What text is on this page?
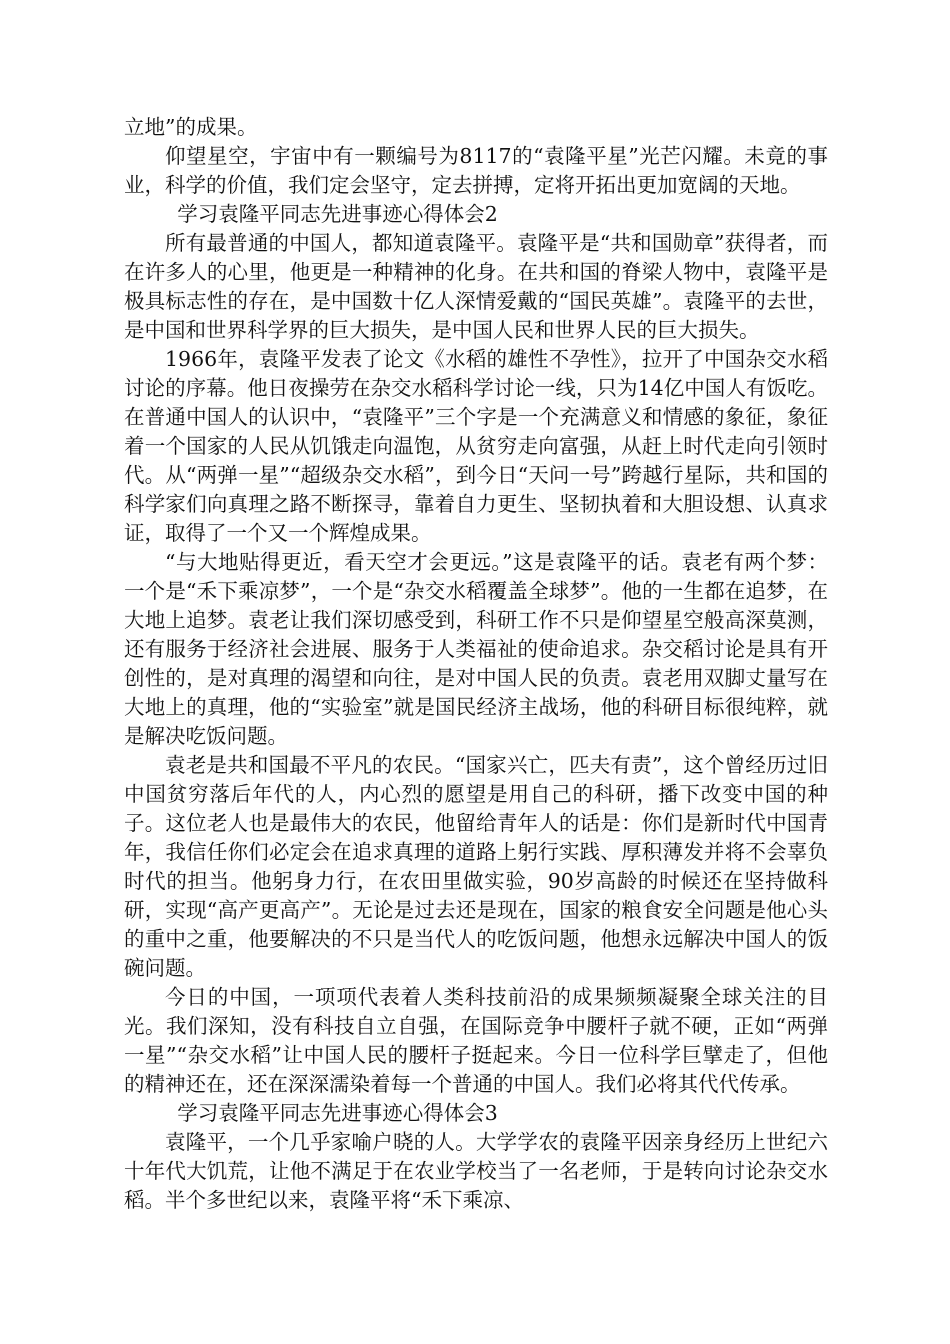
立地”的成果。

仰望星空，宇宙中有一颗编号为8117的“袁隆平星”光芒闪耀。未竟的事业，科学的价值，我们定会坚守，定去拼搏，定将开拓出更加宽阔的天地。

学习袁隆平同志先进事迹心得体会2

所有最普通的中国人，都知道袁隆平。袁隆平是“共和国勋章”获得者，而在许多人的心里，他更是一种精神的化身。在共和国的脊梁人物中，袁隆平是极具标志性的存在，是中国数十亿人深情爱戴的“国民英雄”。袁隆平的去世，是中国和世界科学界的巨大损失，是中国人民和世界人民的巨大损失。

1966年，袁隆平发表了论文《水稻的雄性不孕性》，拉开了中国杂交水稻讨论的序幕。他日夜操劳在杂交水稻科学讨论一线，只为14亿中国人有饭吃。在普通中国人的认识中，“袁隆平”三个字是一个充满意义和情感的象征，象征着一个国家的人民从饥饿走向温饱，从贫穷走向富强，从赶上时代走向引领时代。从“两弹一星”“超级杂交水稻”，到今日“天问一号”跨越行星际，共和国的科学家们向真理之路不断探寻，靠着自力更生、坚韧执着和大胆设想、认真求证，取得了一个又一个辉煌成果。

“与大地贴得更近，看天空才会更远。”这是袁隆平的话。袁老有两个梦：一个是“禾下乘凉梦”，一个是“杂交水稻覆盖全球梦”。他的一生都在追梦，在大地上追梦。袁老让我们深切感受到，科研工作不只是仰望星空般高深莫测，还有服务于经济社会进展、服务于人类福祉的使命追求。杂交稻讨论是具有开创性的，是对真理的渴望和向往，是对中国人民的负责。袁老用双脚丈量写在大地上的真理，他的“实验室”就是国民经济主战场，他的科研目标很纯粹，就是解决吃饭问题。

袁老是共和国最不平凡的农民。“国家兴亡，匹夫有责”，这个曾经历过旧中国贫穷落后年代的人，内心烈的愿望是用自己的科研，播下改变中国的种子。这位老人也是最伟大的农民，他留给青年人的话是：你们是新时代中国青年，我信任你们必定会在追求真理的道路上躬行实践、厚积薄发并将不会辜负时代的担当。他躬身力行，在农田里做实验，90岁高龄的时候还在坚持做科研，实现“高产更高产”。无论是过去还是现在，国家的粮食安全问题是他心头的重中之重，他要解决的不只是当代人的吃饭问题，他想永远解决中国人的饭碗问题。

今日的中国，一项项代表着人类科技前沿的成果频频凝聚全球关注的目光。我们深知，没有科技自立自强，在国际竞争中腰杆子就不硬，正如“两弹一星”“杂交水稻”让中国人民的腰杆子挺起来。今日一位科学巨擘走了，但他的精神还在，还在深深濡染着每一个普通的中国人。我们必将其代代传承。

学习袁隆平同志先进事迹心得体会3

袁隆平，一个几乎家喻户晓的人。大学学农的袁隆平因亲身经历上世纪六十年代大饥荒，让他不满足于在农业学校当了一名老师，于是转向讨论杂交水稻。半个多世纪以来，袁隆平将“禾下乘凉、
